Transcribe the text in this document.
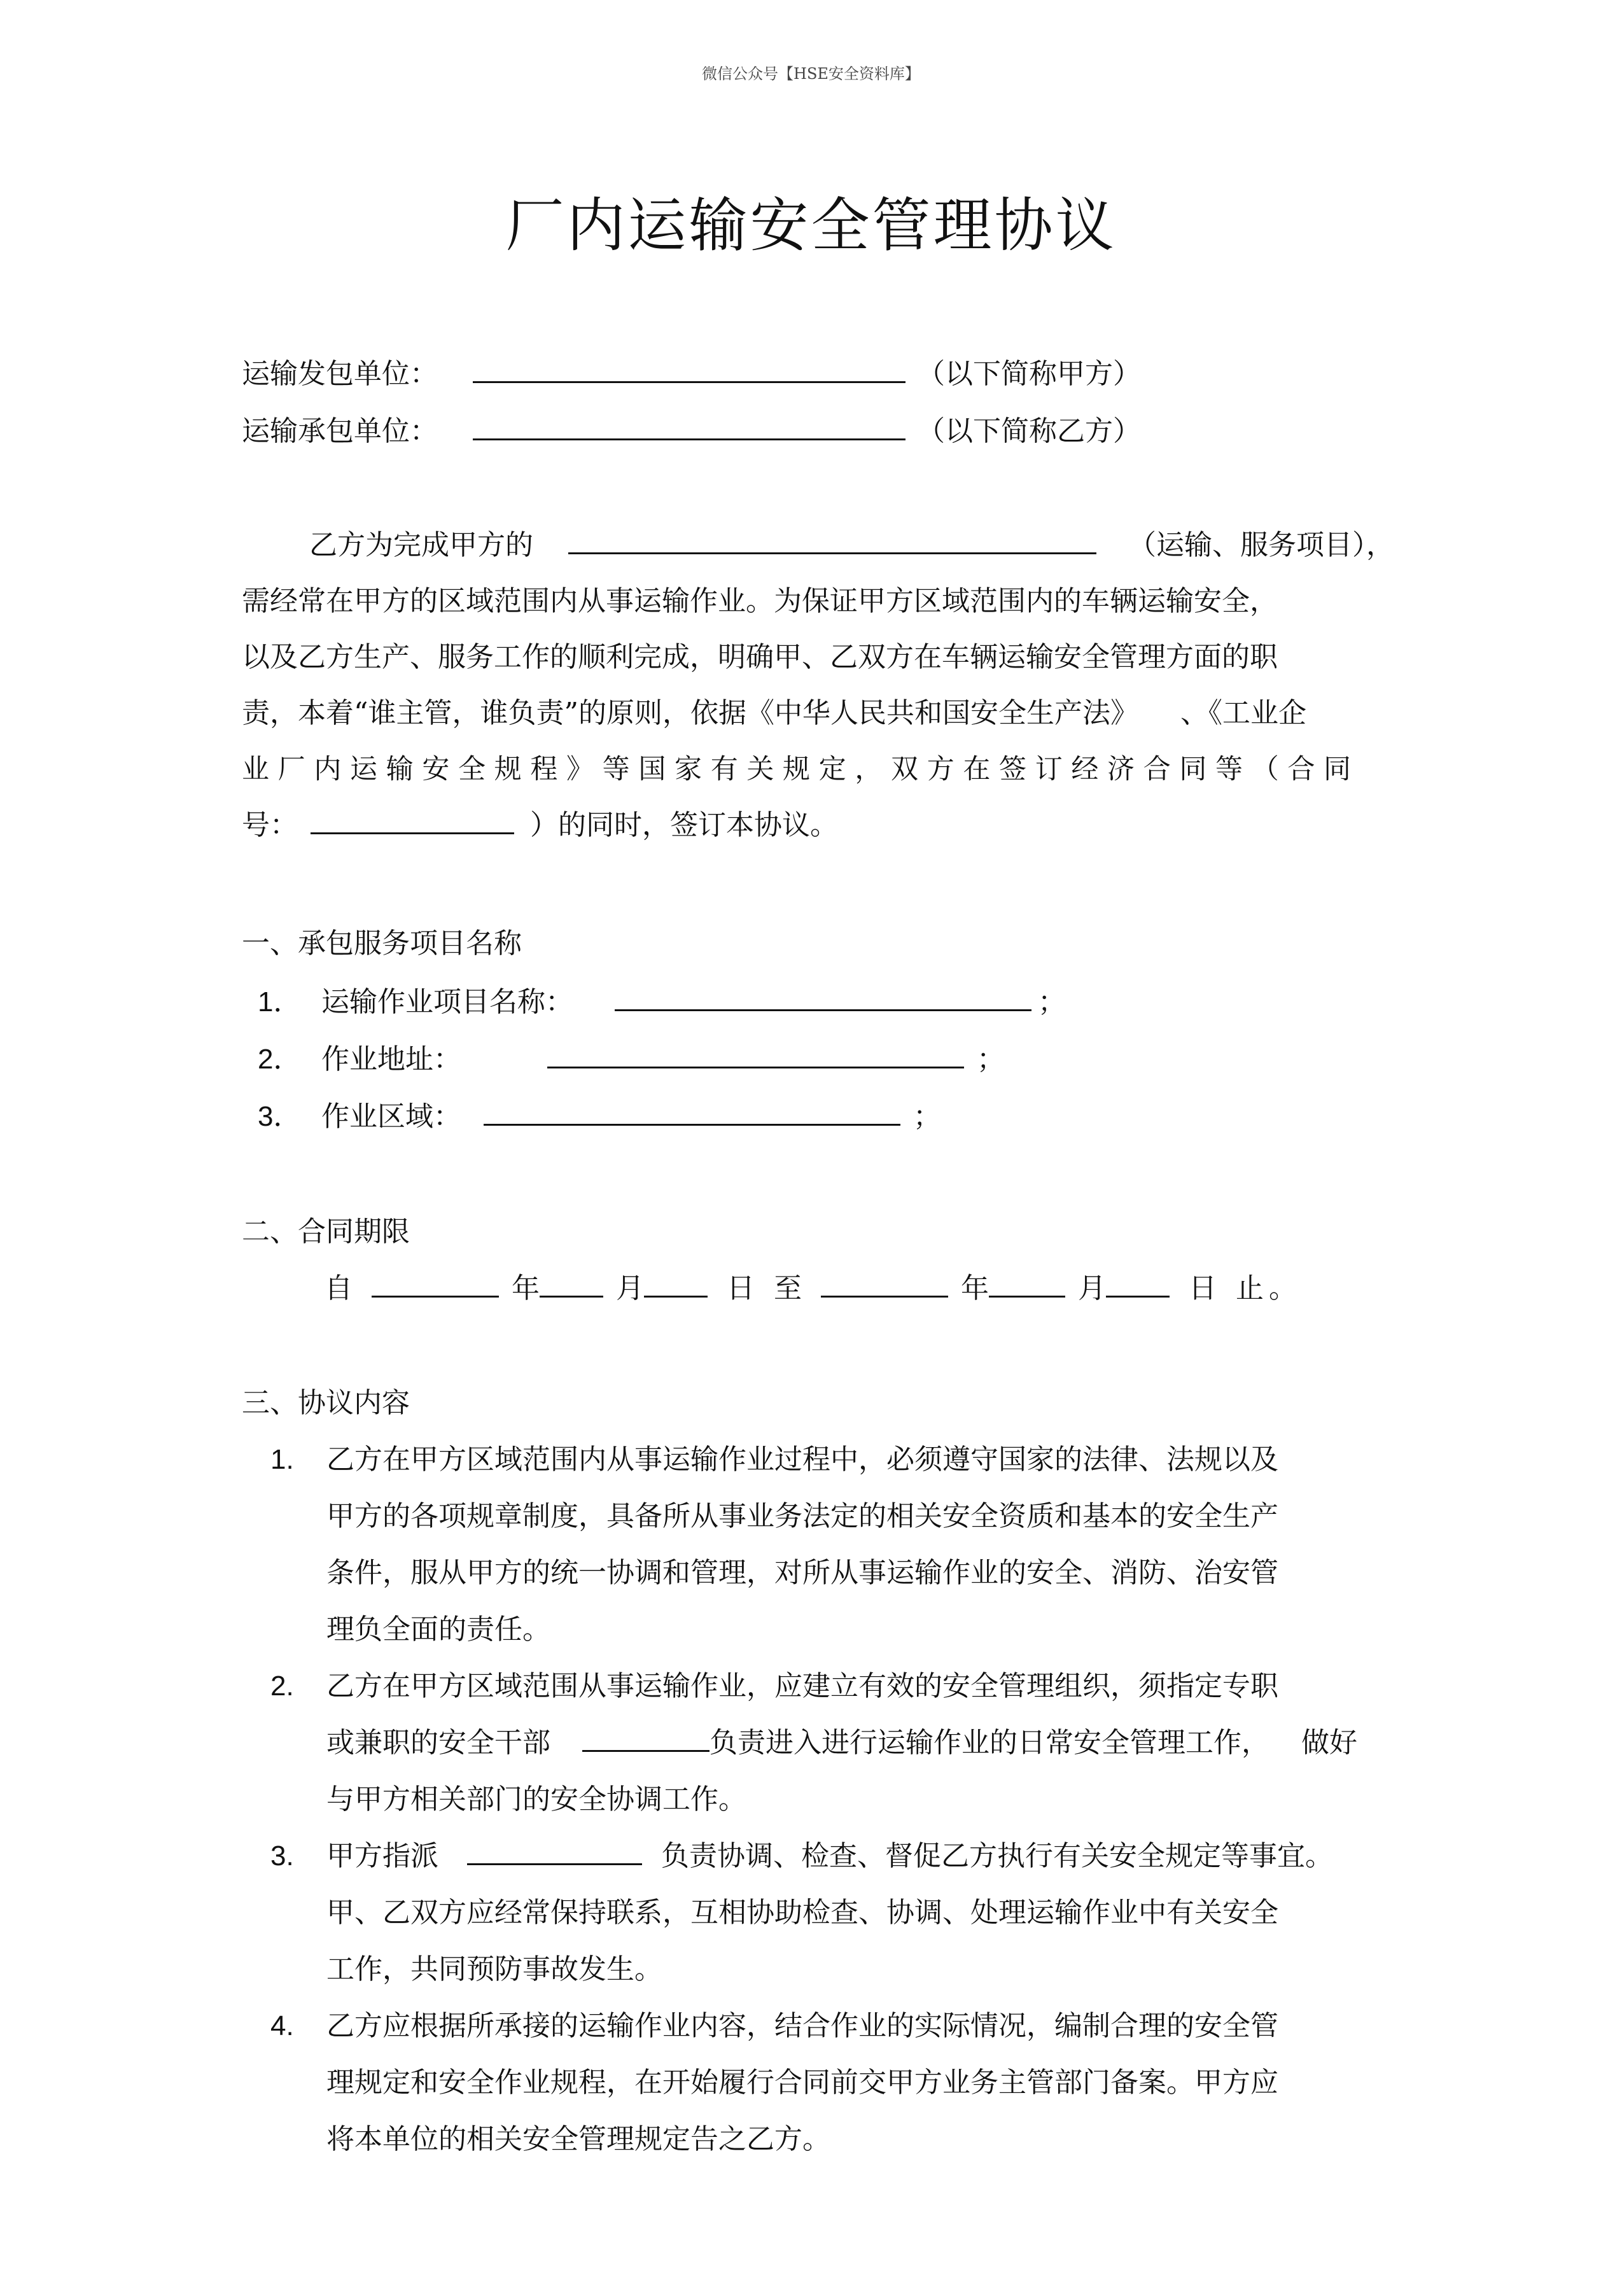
微信公众号【HSE安全资料库】
厂内运输安全管理协议
运输发包单位：	（以下简称甲方）
运输承包单位：	（以下简称乙方）
乙方为完成甲方的	（运输、服务项目），
需经常在甲方的区域范围内从事运输作业。为保证甲方区域范围内的车辆运输安全，
以及乙方生产、服务工作的顺利完成，明确甲、乙双方在车辆运输安全管理方面的职
责，本着“谁主管，谁负责”的原则，依据《中华人民共和国安全生产法》　　、《工业企
业 厂 内 运 输 安 全 规 程 》 等 国 家 有 关 规 定 ， 双 方 在 签 订 经 济 合 同 等 （ 合 同
号：	）的同时，签订本协议。
一、承包服务项目名称
1． 运输作业项目名称：	；
2． 作业地址：	；
3． 作业区域：	；
二、合同期限
自	年	月	日 至	年	月	日 止。
三、协议内容
1. 乙方在甲方区域范围内从事运输作业过程中，必须遵守国家的法律、法规以及
甲方的各项规章制度，具备所从事业务法定的相关安全资质和基本的安全生产
条件，服从甲方的统一协调和管理，对所从事运输作业的安全、消防、治安管
理负全面的责任。
2. 乙方在甲方区域范围从事运输作业，应建立有效的安全管理组织，须指定专职
或兼职的安全干部	负责进入进行运输作业的日常安全管理工作， 做好
与甲方相关部门的安全协调工作。
3. 甲方指派	负责协调、检查、督促乙方执行有关安全规定等事宜。
甲、乙双方应经常保持联系，互相协助检查、协调、处理运输作业中有关安全
工作，共同预防事故发生。
4. 乙方应根据所承接的运输作业内容，结合作业的实际情况，编制合理的安全管
理规定和安全作业规程，在开始履行合同前交甲方业务主管部门备案。甲方应
将本单位的相关安全管理规定告之乙方。
